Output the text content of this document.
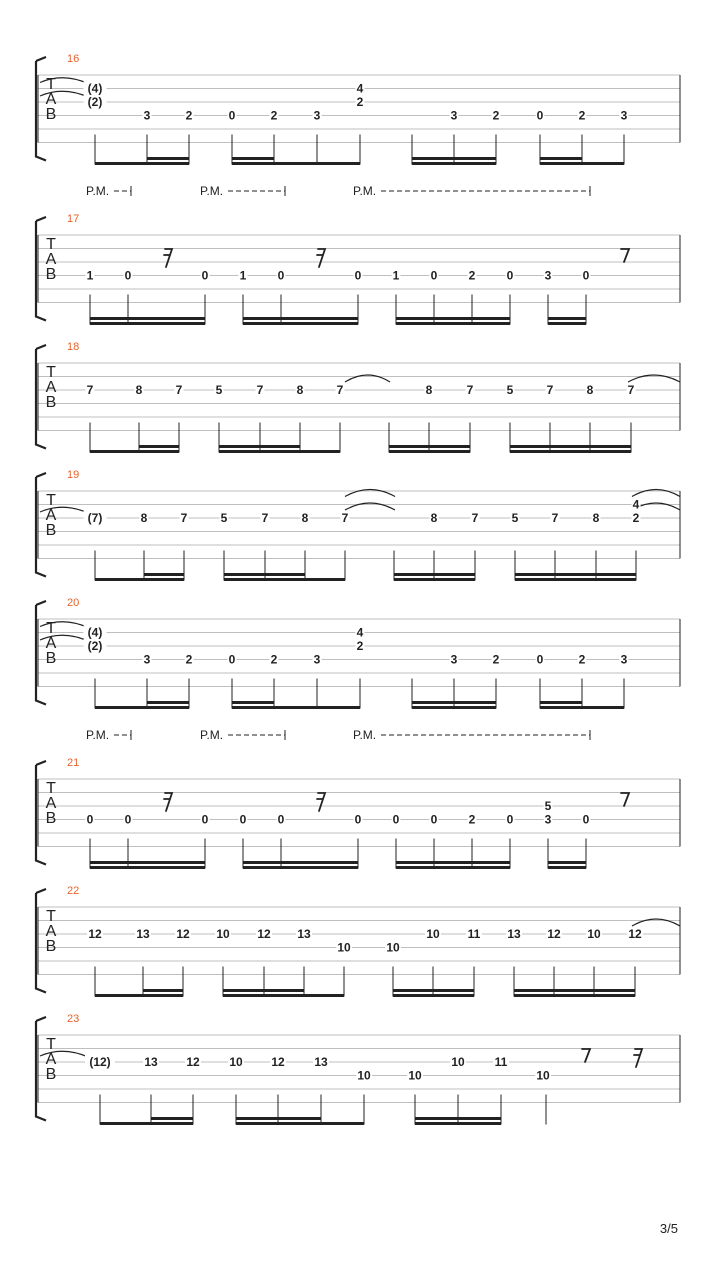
16
T
A
B
(4)
(2)
3	2	0	2	3
4
2
3	2	0	2	3
17
T
A
B
P.M.	P.M.	P.M.
1	0	0	1	0	0	1	0	2	0	3	0
18
T
A
B
7	8	7	5	7	8	7	8	7	5	7	8	7
19
T
A
B
(7)	8	7	5	7	8	7	8	7	5	7	8
4
2
20
T
A
B
(4)
(2)
3	2	0	2	3
4
2
3	2	0	2	3
21
T
A
B
P.M.	P.M.	P.M.
0	0	0	0	0	0	0	0	2	0
5
3	0
22
T
A
B
12	13 12 10 12 13
10	10
10 11 13 12 10 12
23
T
A
B
(12)	13 12 10 12 13
10	10
10 11
10
3/5
